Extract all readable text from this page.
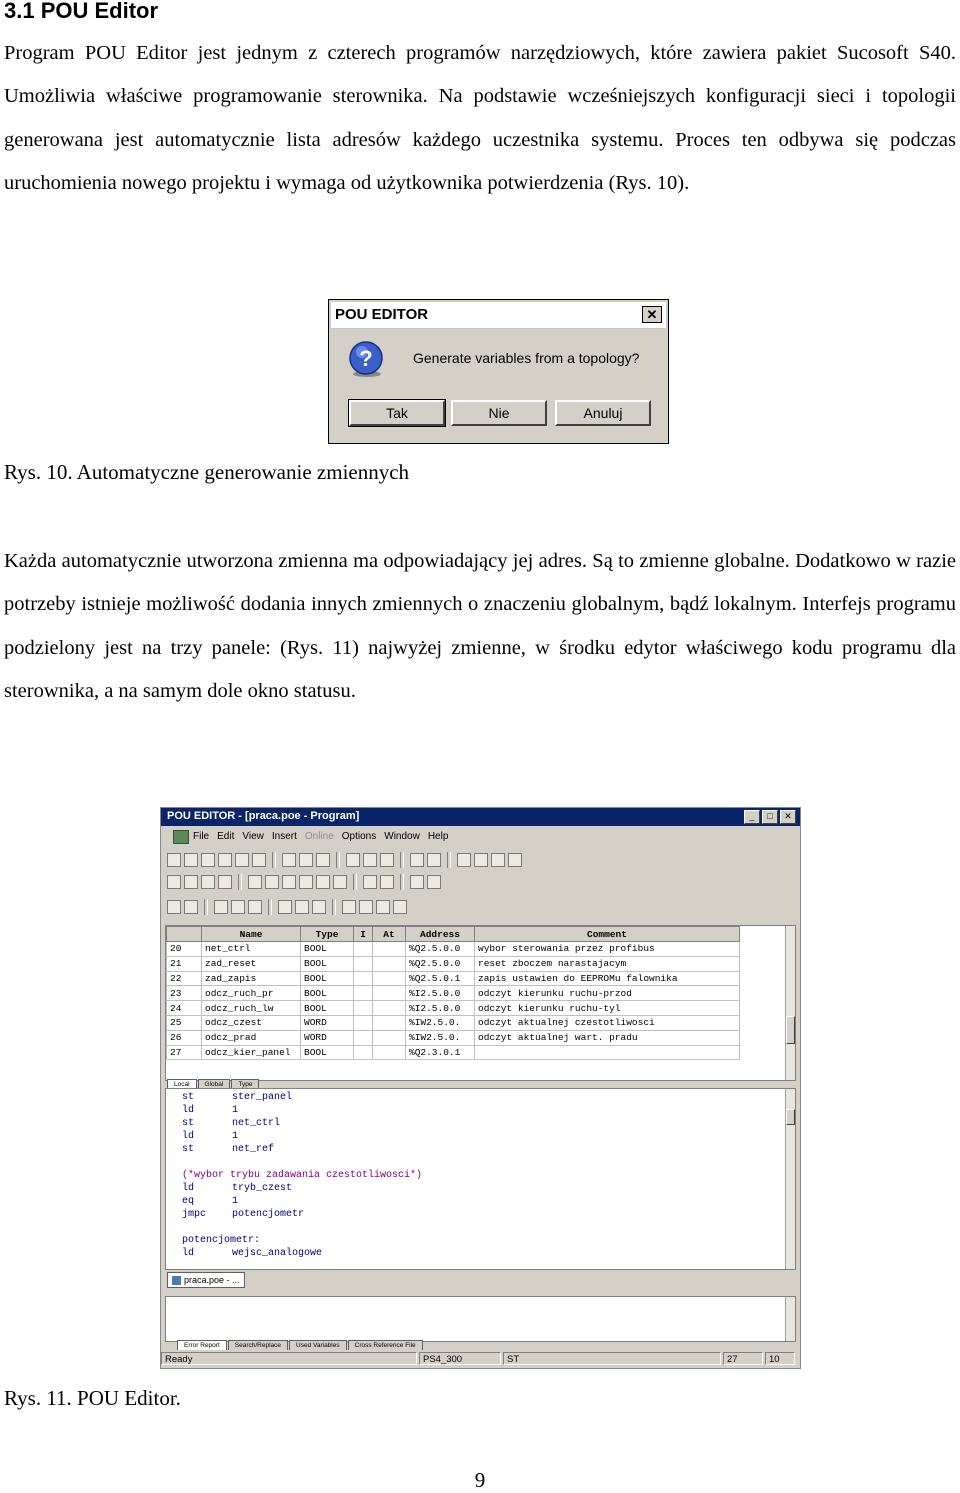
3.1 POU Editor

Program POU Editor jest jednym z czterech programów narzędziowych, które zawiera pakiet Sucosoft S40. Umożliwia właściwe programowanie sterownika. Na podstawie wcześniejszych konfiguracji sieci i topologii generowana jest automatycznie lista adresów każdego uczestnika systemu. Proces ten odbywa się podczas uruchomienia nowego projektu i wymaga od użytkownika potwierdzenia (Rys. 10).

POU EDITOR	✕
?	Generate variables from a topology?
Tak	Nie	Anuluj
Rys. 10. Automatyczne generowanie zmiennych

Każda automatycznie utworzona zmienna ma odpowiadający jej adres. Są to zmienne globalne. Dodatkowo w razie potrzeby istnieje możliwość dodania innych zmiennych o znaczeniu globalnym, bądź lokalnym. Interfejs programu podzielony jest na trzy panele: (Rys. 11) najwyżej zmienne, w środku edytor właściwego kodu programu dla sterownika, a na samym dole okno statusu.

POU EDITOR - [praca.poe - Program]	_	□	✕
File Edit View Insert Online Options Window Help
	Name	Type	I	At	Address	Comment
20	net_ctrl	BOOL			%Q2.5.0.0	wybor sterowania przez profibus
21	zad_reset	BOOL			%Q2.5.0.0	reset zboczem narastajacym
22	zad_zapis	BOOL			%Q2.5.0.1	zapis ustawien do EEPROMu falownika
23	odcz_ruch_pr	BOOL			%I2.5.0.0	odczyt kierunku ruchu-przod
24	odcz_ruch_lw	BOOL			%I2.5.0.0	odczyt kierunku ruchu-tyl
25	odcz_czest	WORD			%IW2.5.0.	odczyt aktualnej czestotliwosci
26	odcz_prad	WORD			%IW2.5.0.	odczyt aktualnej wart. pradu
27	odcz_kier_panel	BOOL			%Q2.3.0.1	
Local	Global	Type
st	ster_panel
ld	1
st	net_ctrl
ld	1
st	net_ref

(*wybor trybu zadawania czestotliwosci*)
ld	tryb_czest
eq	1
jmpc	potencjometr

potencjometr:
ld	wejsc_analogowe
praca.poe - ...
Error Report	Search/Replace	Used Variables	Cross Reference File
Ready	PS4_300	ST	27	10
Rys. 11. POU Editor.
9
